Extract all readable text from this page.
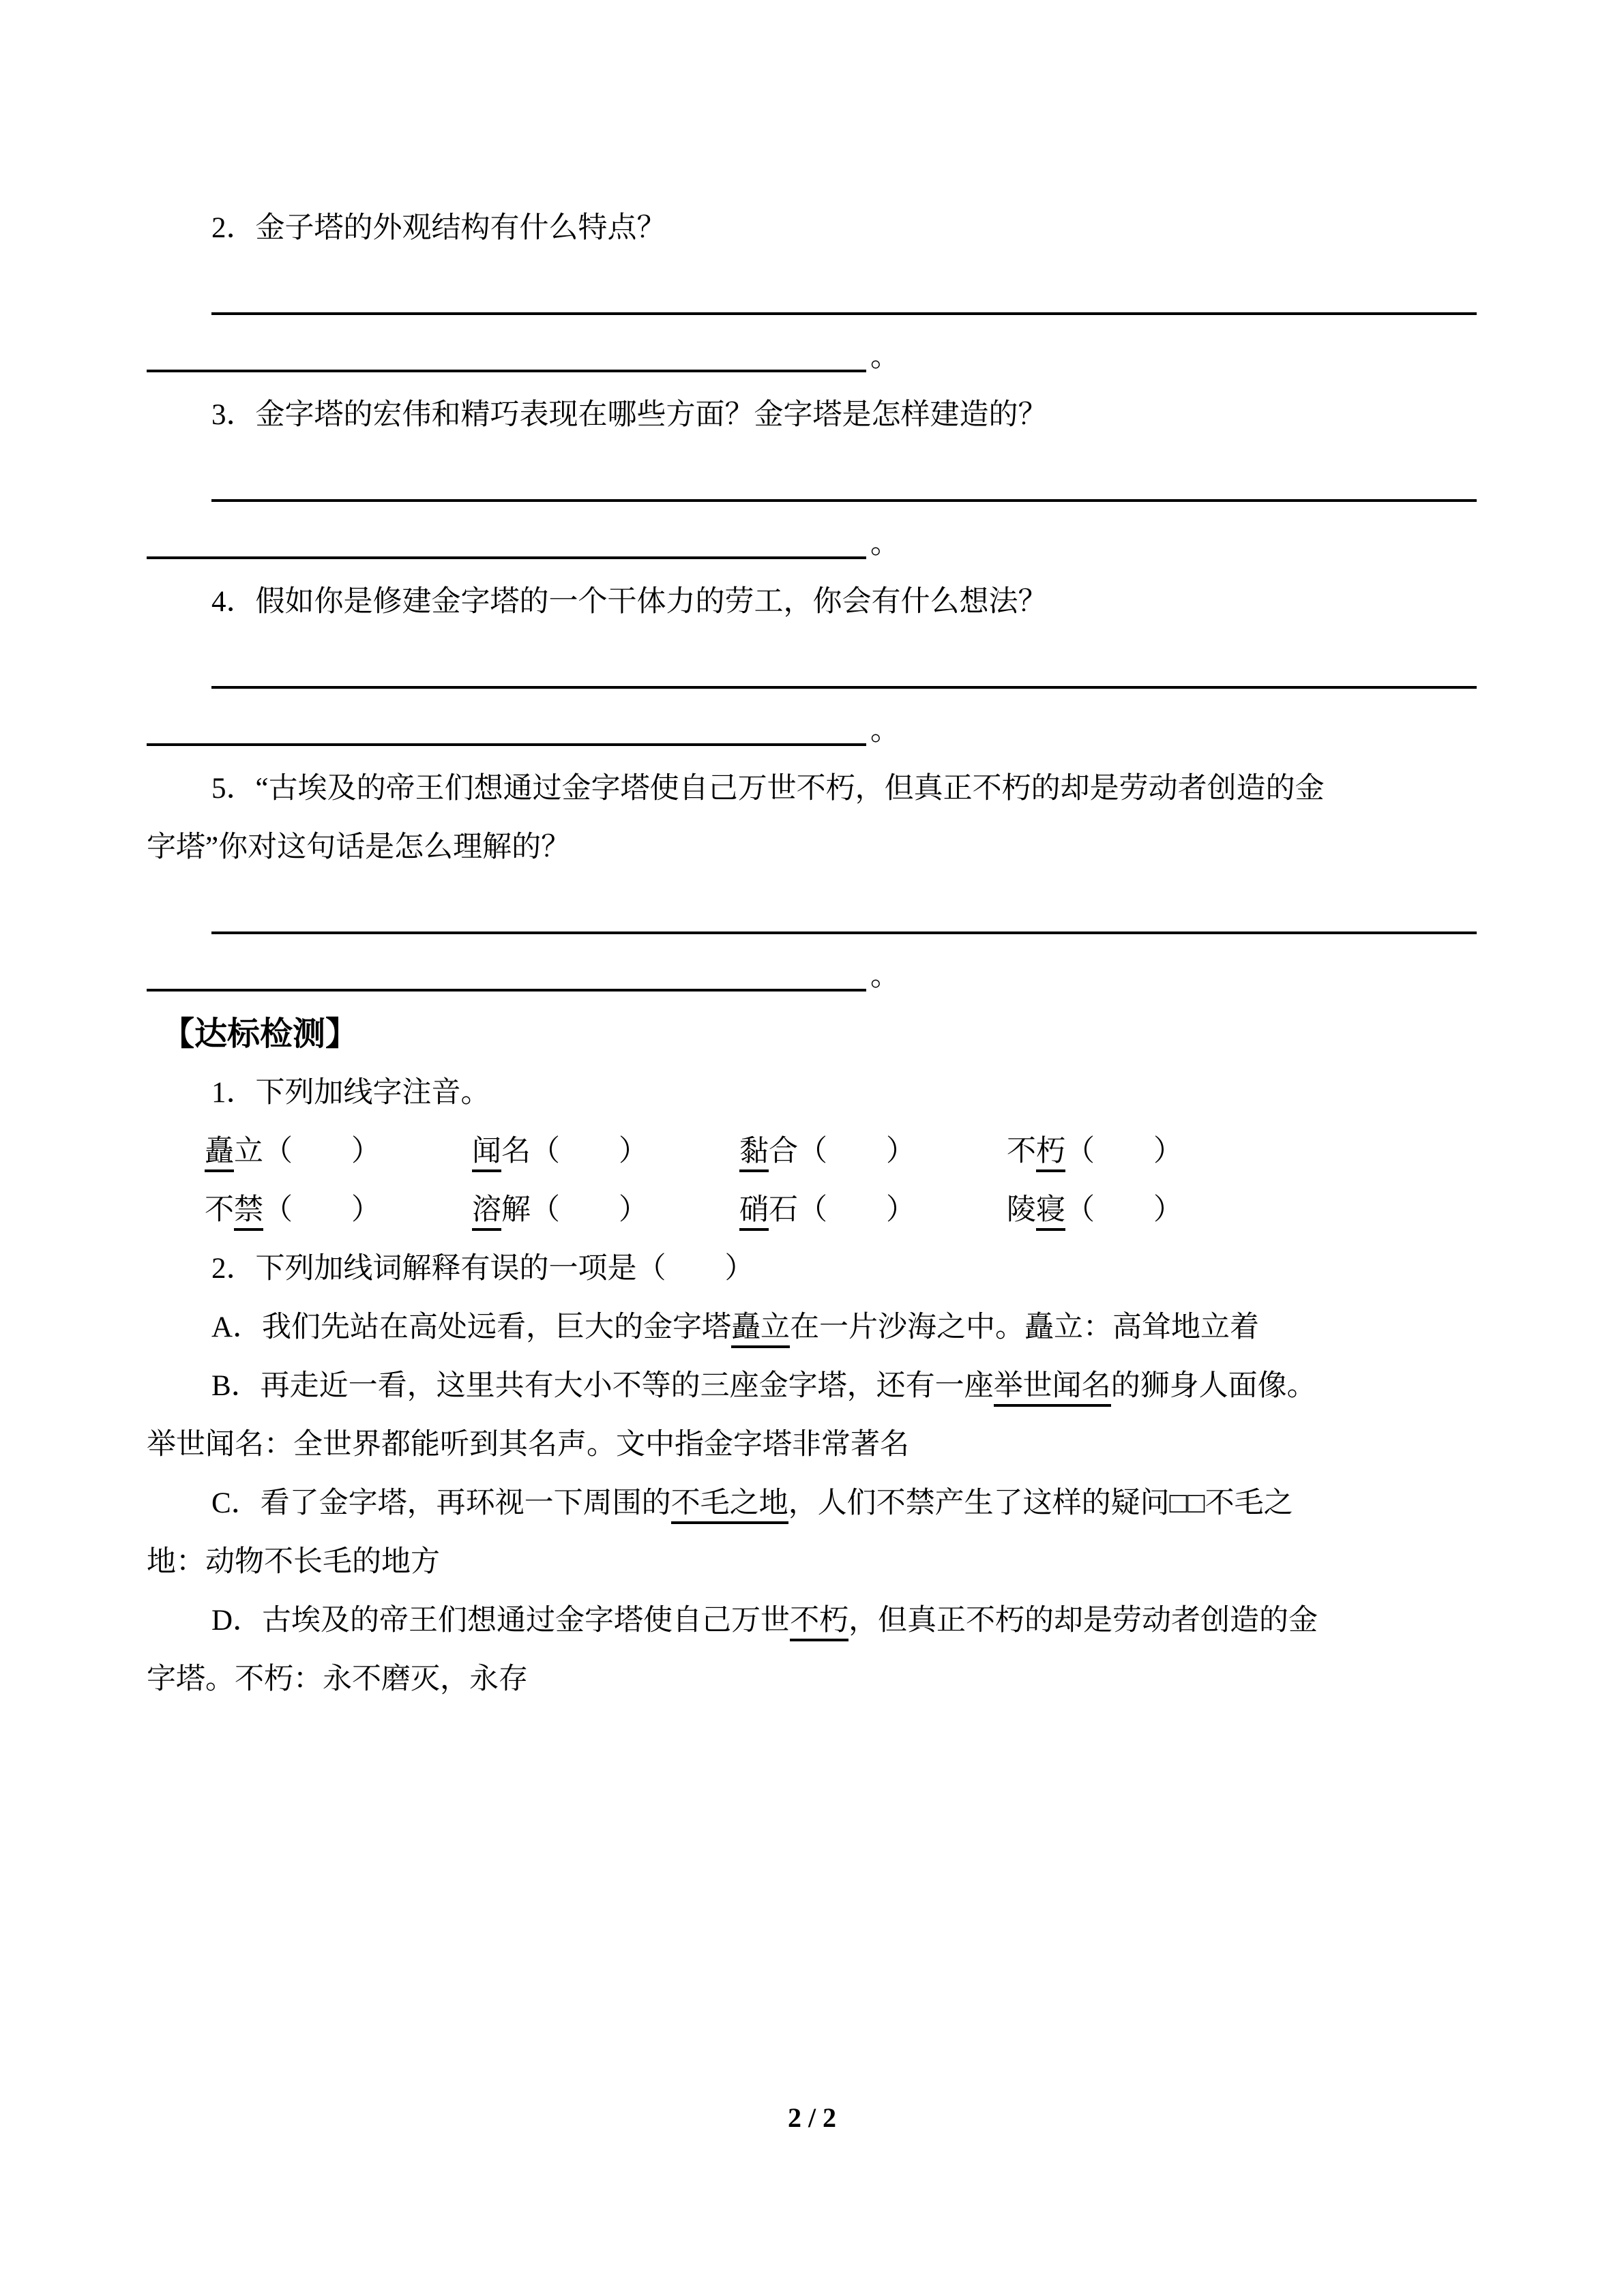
2．金子塔的外观结构有什么特点？
。
3．金字塔的宏伟和精巧表现在哪些方面？金字塔是怎样建造的？
。
4．假如你是修建金字塔的一个干体力的劳工，你会有什么想法？
。
5．“古埃及的帝王们想通过金字塔使自己万世不朽，但真正不朽的却是劳动者创造的金
字塔”你对这句话是怎么理解的？
。
【达标检测】
1．下列加线字注音。
矗立（　　）	闻名（　　）	黏合（　　）	不朽（　　）
不禁（　　）	溶解（　　）	硝石（　　）	陵寝（　　）
2．下列加线词解释有误的一项是（　　）
A．我们先站在高处远看，巨大的金字塔矗立在一片沙海之中。矗立：高耸地立着
B．再走近一看，这里共有大小不等的三座金字塔，还有一座举世闻名的狮身人面像。
举世闻名：全世界都能听到其名声。文中指金字塔非常著名
C．看了金字塔，再环视一下周围的不毛之地，人们不禁产生了这样的疑问□□不毛之
地：动物不长毛的地方
D．古埃及的帝王们想通过金字塔使自己万世不朽，但真正不朽的却是劳动者创造的金
字塔。不朽：永不磨灭，永存
2 / 2
